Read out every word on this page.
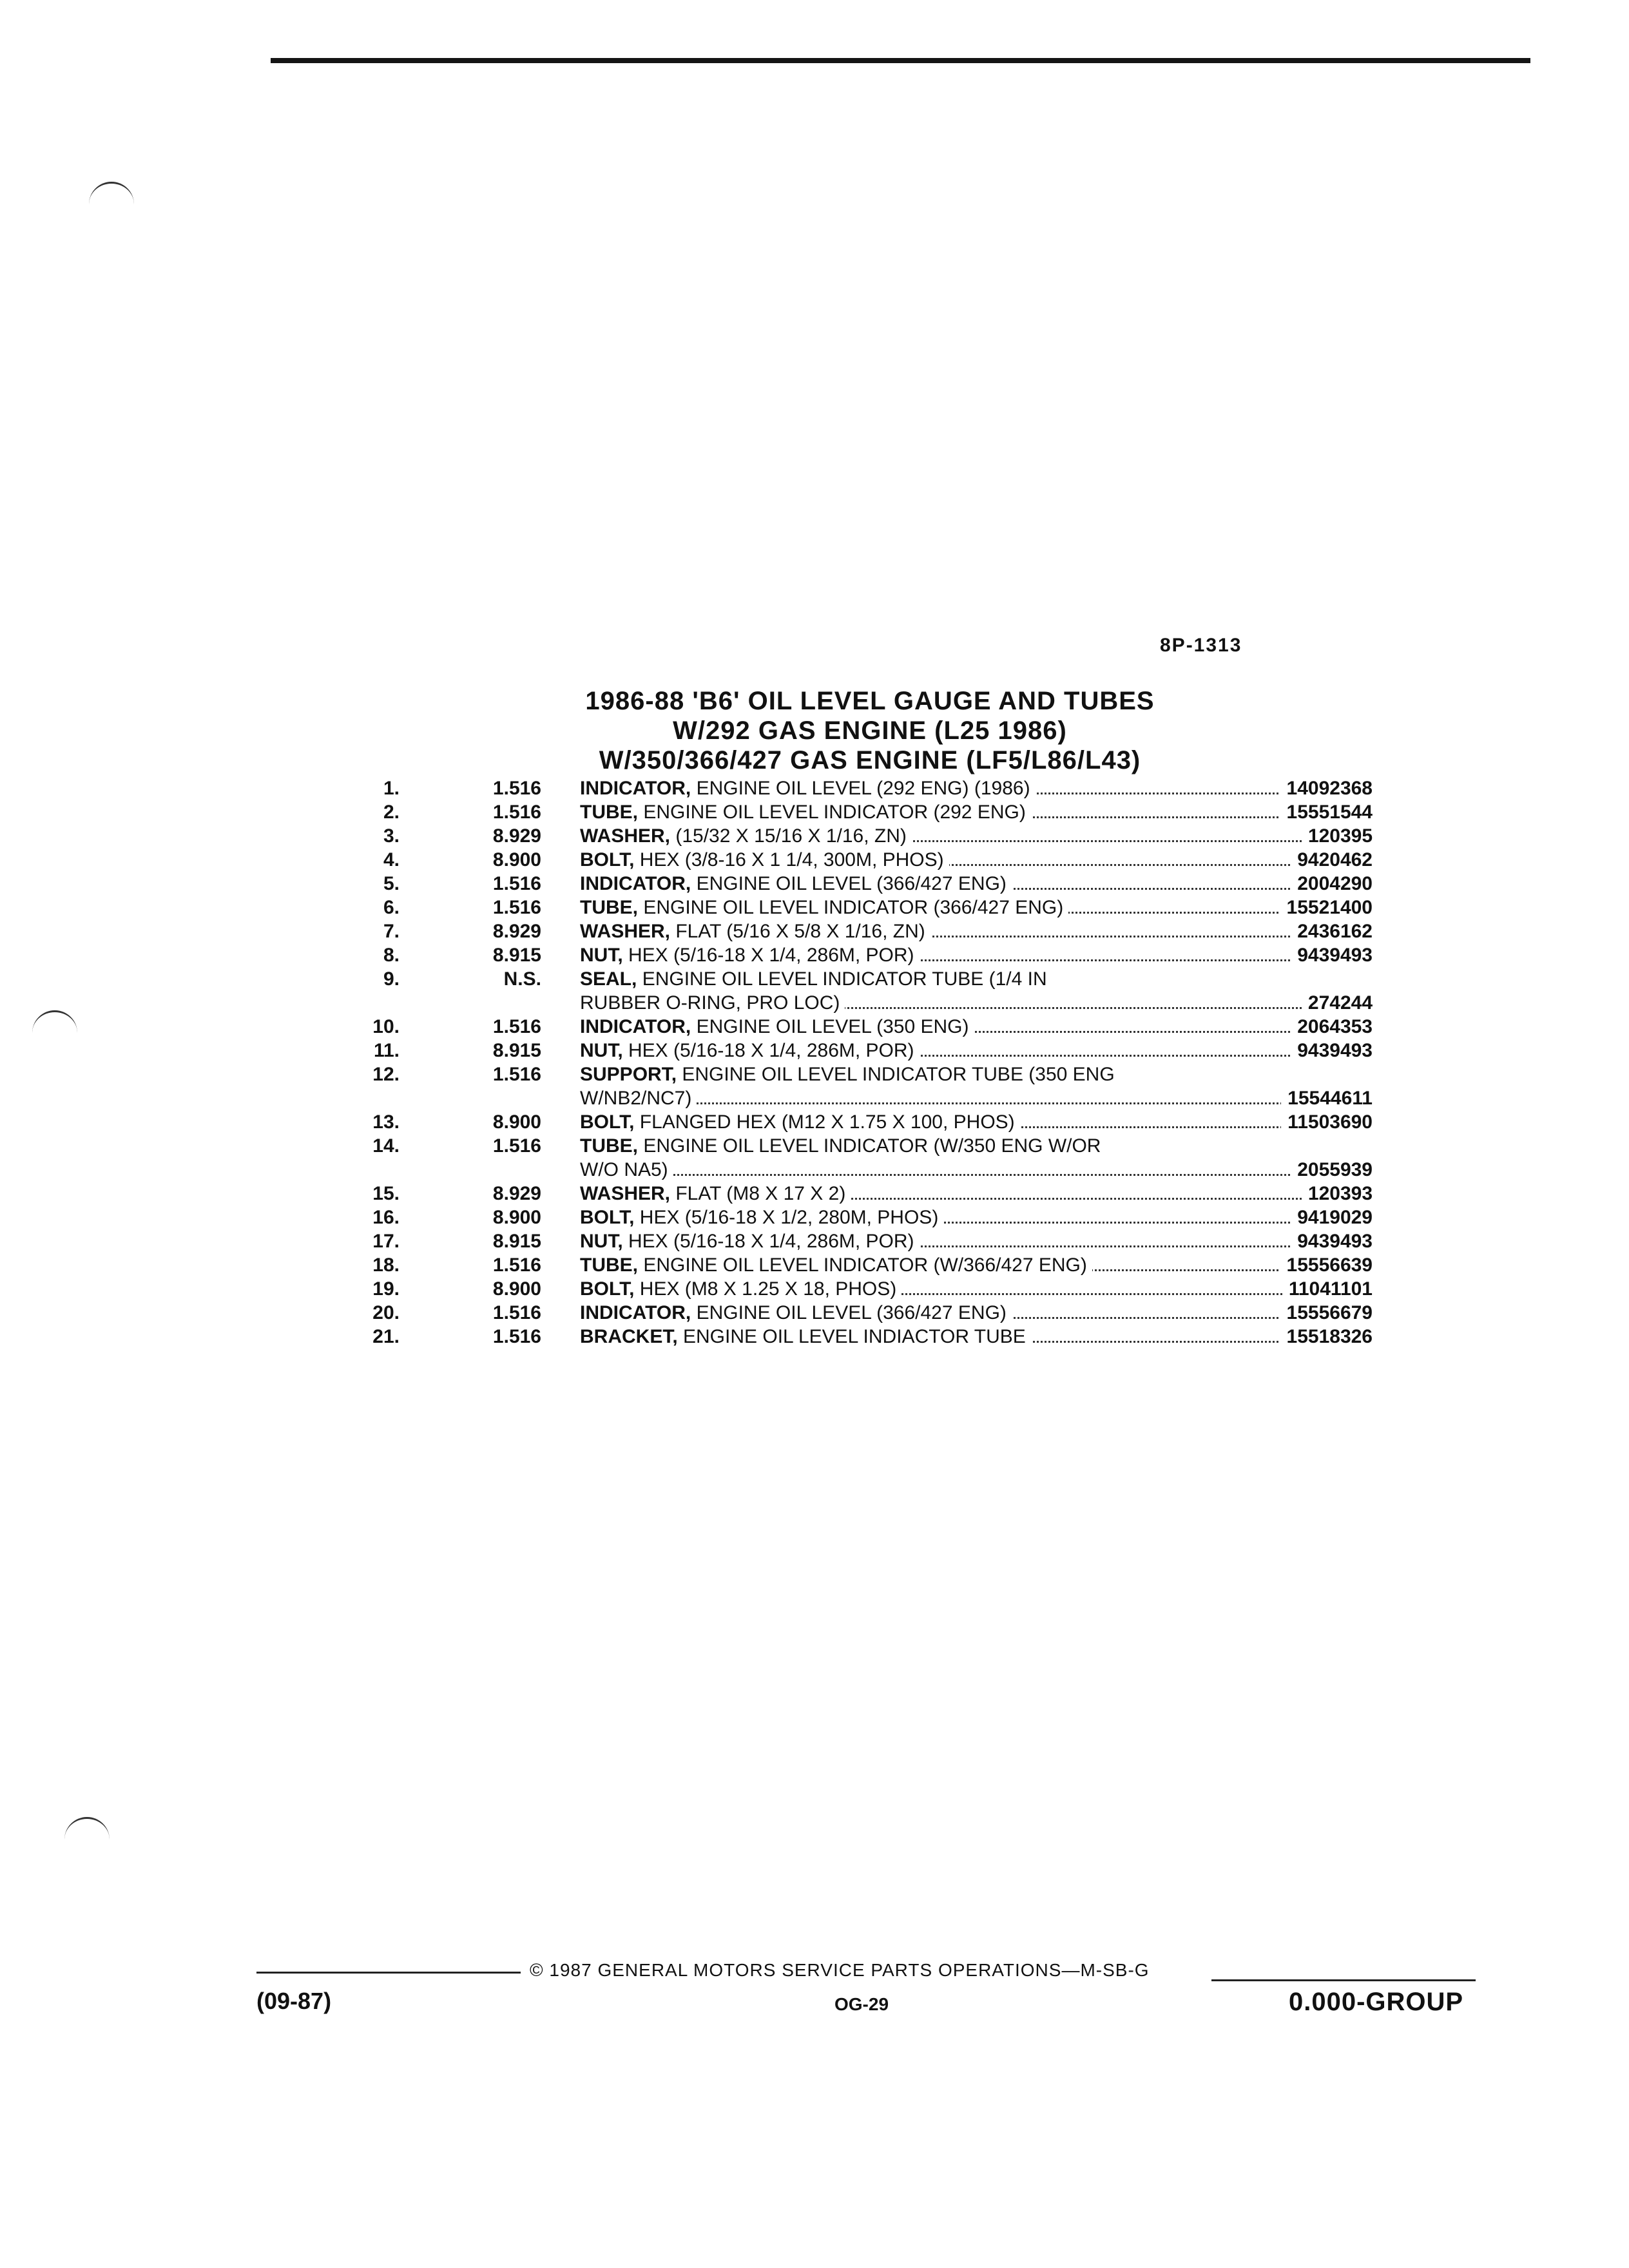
8P-1313
1986-88 'B6' OIL LEVEL GAUGE AND TUBES
W/292 GAS ENGINE (L25 1986)
W/350/366/427 GAS ENGINE (LF5/L86/L43)
1.	1.516 INDICATOR, ENGINE OIL LEVEL (292 ENG) (1986)	14092368
2.	1.516 TUBE, ENGINE OIL LEVEL INDICATOR (292 ENG)	15551544
3.	8.929 WASHER, (15/32 X 15/16 X 1/16, ZN)	120395
4.	8.900 BOLT, HEX (3/8-16 X 1 1/4, 300M, PHOS)	9420462
5.	1.516 INDICATOR, ENGINE OIL LEVEL (366/427 ENG)	2004290
6.	1.516 TUBE, ENGINE OIL LEVEL INDICATOR (366/427 ENG)	15521400
7.	8.929 WASHER, FLAT (5/16 X 5/8 X 1/16, ZN)	2436162
8.	8.915 NUT, HEX (5/16-18 X 1/4, 286M, POR)	9439493
9.	N.S. SEAL, ENGINE OIL LEVEL INDICATOR TUBE (1/4 IN
RUBBER O-RING, PRO LOC)	274244
10.	1.516 INDICATOR, ENGINE OIL LEVEL (350 ENG)	2064353
11.	8.915 NUT, HEX (5/16-18 X 1/4, 286M, POR)	9439493
12.	1.516 SUPPORT, ENGINE OIL LEVEL INDICATOR TUBE (350 ENG
W/NB2/NC7)	15544611
13.	8.900 BOLT, FLANGED HEX (M12 X 1.75 X 100, PHOS)	11503690
14.	1.516 TUBE, ENGINE OIL LEVEL INDICATOR (W/350 ENG W/OR
W/O NA5)	2055939
15.	8.929 WASHER, FLAT (M8 X 17 X 2)	120393
16.	8.900 BOLT, HEX (5/16-18 X 1/2, 280M, PHOS)	9419029
17.	8.915 NUT, HEX (5/16-18 X 1/4, 286M, POR)	9439493
18.	1.516 TUBE, ENGINE OIL LEVEL INDICATOR (W/366/427 ENG)	15556639
19.	8.900 BOLT, HEX (M8 X 1.25 X 18, PHOS)	11041101
20.	1.516 INDICATOR, ENGINE OIL LEVEL (366/427 ENG)	15556679
21.	1.516 BRACKET, ENGINE OIL LEVEL INDIACTOR TUBE	15518326
© 1987 GENERAL MOTORS SERVICE PARTS OPERATIONS—M-SB-G
(09-87)	OG-29	0.000-GROUP
